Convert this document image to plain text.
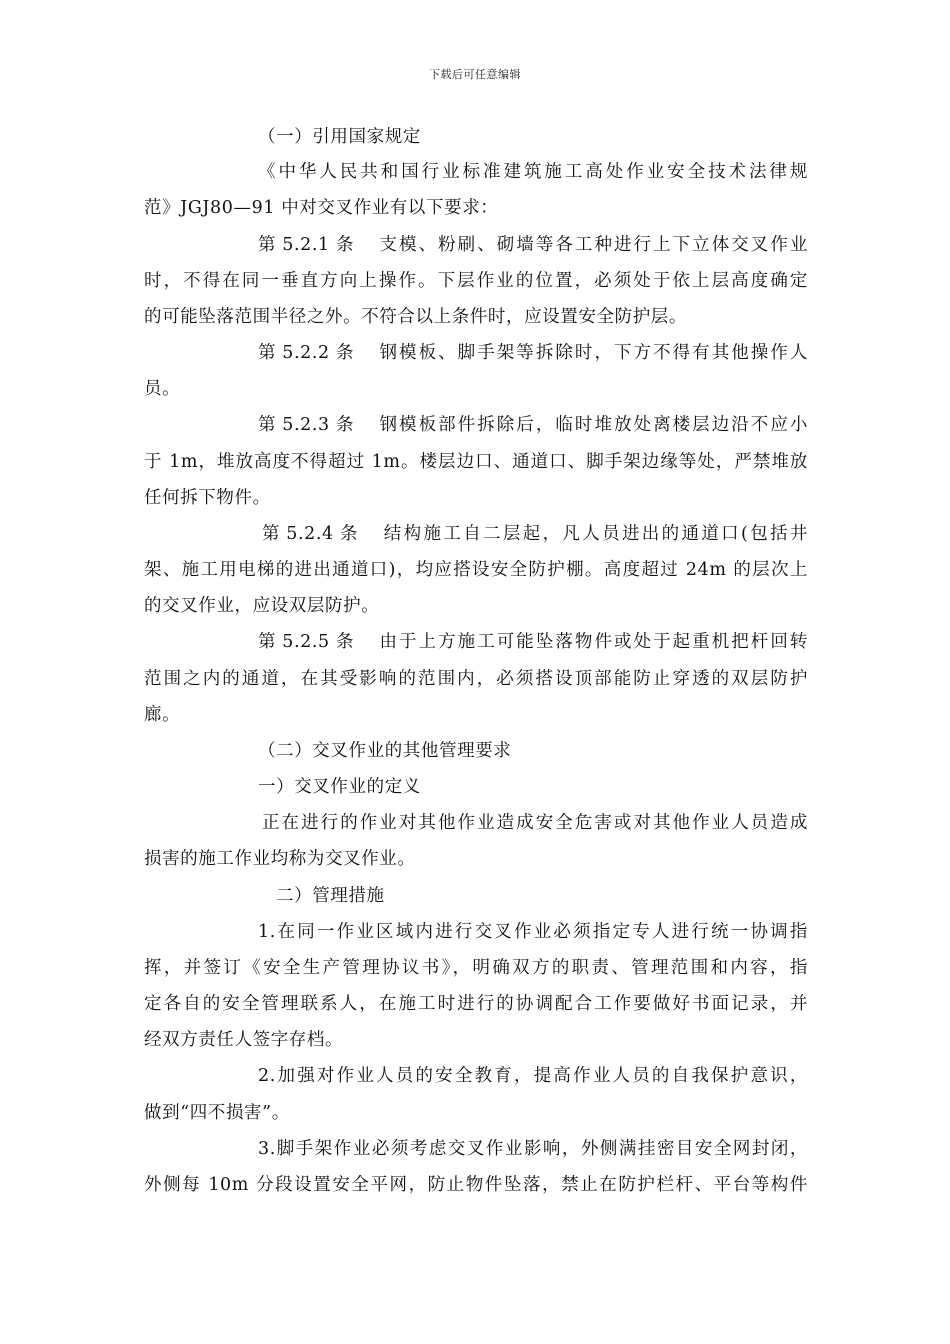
下载后可任意编辑
（一）引用国家规定
《中华人民共和国行业标准建筑施工高处作业安全技术法律规
范》JGJ80—91 中对交叉作业有以下要求：
第 5.2.1 条 支模、粉刷、砌墙等各工种进行上下立体交叉作业
时，不得在同一垂直方向上操作。下层作业的位置，必须处于依上层高度确定
的可能坠落范围半径之外。不符合以上条件时，应设置安全防护层。
第 5.2.2 条 钢模板、脚手架等拆除时，下方不得有其他操作人
员。
第 5.2.3 条 钢模板部件拆除后，临时堆放处离楼层边沿不应小
于 1m，堆放高度不得超过 1m。楼层边口、通道口、脚手架边缘等处，严禁堆放
任何拆下物件。
第 5.2.4 条 结构施工自二层起，凡人员进出的通道口(包括井
架、施工用电梯的进出通道口)，均应搭设安全防护棚。高度超过 24m 的层次上
的交叉作业，应设双层防护。
第 5.2.5 条 由于上方施工可能坠落物件或处于起重机把杆回转
范围之内的通道，在其受影响的范围内，必须搭设顶部能防止穿透的双层防护
廊。
（二）交叉作业的其他管理要求
一）交叉作业的定义
正在进行的作业对其他作业造成安全危害或对其他作业人员造成
损害的施工作业均称为交叉作业。
二）管理措施
1.在同一作业区域内进行交叉作业必须指定专人进行统一协调指
挥，并签订《安全生产管理协议书》，明确双方的职责、管理范围和内容，指
定各自的安全管理联系人，在施工时进行的协调配合工作要做好书面记录，并
经双方责任人签字存档。
2.加强对作业人员的安全教育，提高作业人员的自我保护意识，
做到“四不损害”。
3.脚手架作业必须考虑交叉作业影响，外侧满挂密目安全网封闭，
外侧每 10m 分段设置安全平网，防止物件坠落，禁止在防护栏杆、平台等构件
